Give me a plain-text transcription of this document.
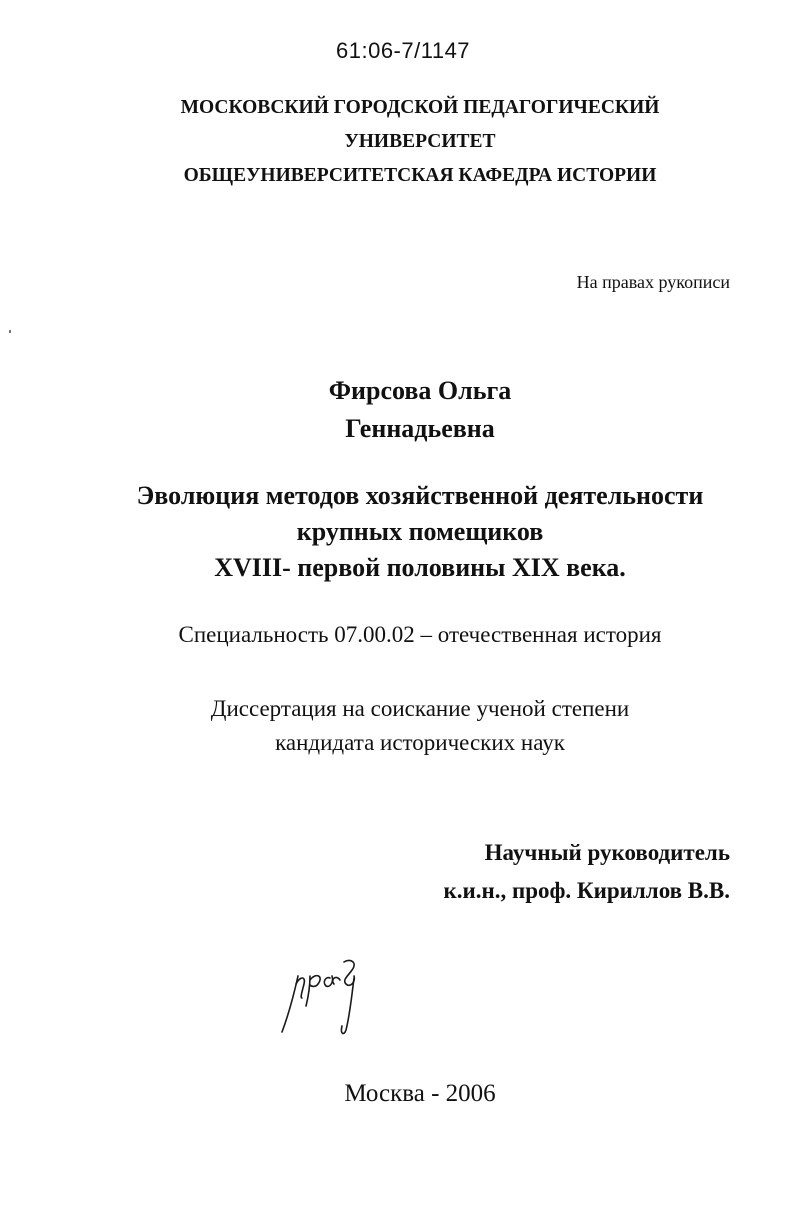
61:06-7/1147
МОСКОВСКИЙ ГОРОДСКОЙ ПЕДАГОГИЧЕСКИЙ
УНИВЕРСИТЕТ
ОБЩЕУНИВЕРСИТЕТСКАЯ КАФЕДРА ИСТОРИИ
На правах рукописи
Фирсова Ольга
Геннадьевна
Эволюция методов хозяйственной деятельности
крупных помещиков
XVIII- первой половины XIX века.
Специальность 07.00.02 – отечественная история
Диссертация на соискание ученой степени
кандидата исторических наук
Научный руководитель
к.и.н., проф. Кириллов В.В.
Москва - 2006
